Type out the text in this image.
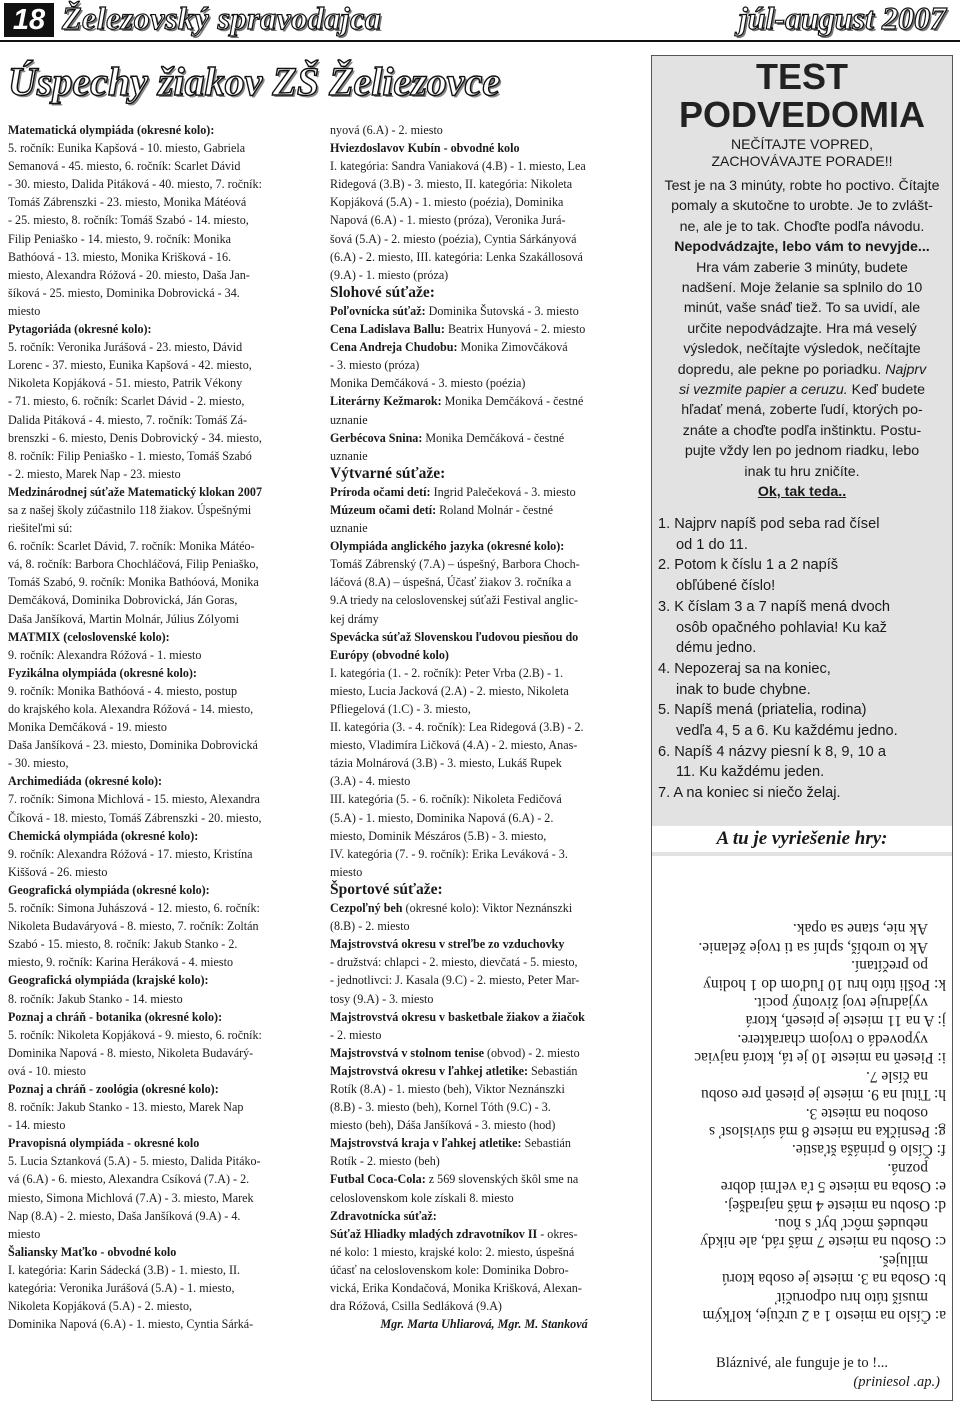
18 Železovský spravodajca	júl-august 2007
Úspechy žiakov ZŠ Želiezovce
Matematická olympiáda (okresné kolo):
5. ročník: Eunika Kapšová - 10. miesto, Gabriela
Semanová - 45. miesto, 6. ročník: Scarlet Dávid
- 30. miesto, Dalida Pitáková - 40. miesto, 7. ročník:
Tomáš Zábrenszki - 23. miesto, Monika Mátéová
- 25. miesto, 8. ročník: Tomáš Szabó - 14. miesto,
Filip Peniaško - 14. miesto, 9. ročník: Monika
Bathóová - 13. miesto, Monika Krišková - 16.
miesto, Alexandra Róžová - 20. miesto, Daša Jan-
šíková - 25. miesto, Dominika Dobrovická - 34.
miesto
Pytagoriáda (okresné kolo):
5. ročník: Veronika Jurášová - 23. miesto, Dávid
Lorenc - 37. miesto, Eunika Kapšová - 42. miesto,
Nikoleta Kopjáková - 51. miesto, Patrik Vékony
- 71. miesto, 6. ročník: Scarlet Dávid - 2. miesto,
Dalida Pitáková - 4. miesto, 7. ročník: Tomáš Zá-
brenszki - 6. miesto, Denis Dobrovický - 34. miesto,
8. ročník: Filip Peniaško - 1. miesto, Tomáš Szabó
- 2. miesto, Marek Nap - 23. miesto
Medzinárodnej súťaže Matematický klokan 2007
sa z našej školy zúčastnilo 118 žiakov. Úspešnými
riešiteľmi sú:
6. ročník: Scarlet Dávid, 7. ročník: Monika Mátéo-
vá, 8. ročník: Barbora Chochláčová, Filip Peniaško,
Tomáš Szabó, 9. ročník: Monika Bathóová, Monika
Demčáková, Dominika Dobrovická, Ján Goras,
Daša Janšíková, Martin Molnár, Július Zólyomi
MATMIX (celoslovenské kolo):
9. ročník: Alexandra Róžová - 1. miesto
Fyzikálna olympiáda (okresné kolo):
9. ročník: Monika Bathóová - 4. miesto, postup
do krajského kola. Alexandra Róžová - 14. miesto,
Monika Demčáková - 19. miesto
Daša Janšíková - 23. miesto, Dominika Dobrovická
- 30. miesto,
Archimediáda (okresné kolo):
7. ročník: Simona Michlová - 15. miesto, Alexandra
Číková - 18. miesto, Tomáš Zábrenszki - 20. miesto,
Chemická olympiáda (okresné kolo):
9. ročník: Alexandra Róžová - 17. miesto, Kristína
Kiššová - 26. miesto
Geografická olympiáda (okresné kolo):
5. ročník: Simona Juhászová - 12. miesto, 6. ročník:
Nikoleta Budaváryová - 8. miesto, 7. ročník: Zoltán
Szabó - 15. miesto, 8. ročník: Jakub Stanko - 2.
miesto, 9. ročník: Karina Heráková - 4. miesto
Geografická olympiáda (krajské kolo):
8. ročník: Jakub Stanko - 14. miesto
Poznaj a chráň - botanika (okresné kolo):
5. ročník: Nikoleta Kopjáková - 9. miesto, 6. ročník:
Dominika Napová - 8. miesto, Nikoleta Budavárý-
ová - 10. miesto
Poznaj a chráň - zoológia (okresné kolo):
8. ročník: Jakub Stanko - 13. miesto, Marek Nap
- 14. miesto
Pravopisná olympiáda - okresné kolo
5. Lucia Sztanková (5.A) - 5. miesto, Dalida Pitáko-
vá (6.A) - 6. miesto, Alexandra Csíková (7.A) - 2.
miesto, Simona Michlová (7.A) - 3. miesto, Marek
Nap (8.A) - 2. miesto, Daša Janšíková (9.A) - 4.
miesto
Šaliansky Maťko - obvodné kolo
I. kategória: Karin Sádecká (3.B) - 1. miesto, II.
kategória: Veronika Jurášová (5.A) - 1. miesto,
Nikoleta Kopjáková (5.A) - 2. miesto,
Dominika Napová (6.A) - 1. miesto, Cyntia Sárká-
nyová (6.A) - 2. miesto
Hviezdoslavov Kubín - obvodné kolo
I. kategória: Sandra Vaniaková (4.B) - 1. miesto, Lea
Ridegová (3.B) - 3. miesto, II. kategória: Nikoleta
Kopjáková (5.A) - 1. miesto (poézia), Dominika
Napová (6.A) - 1. miesto (próza), Veronika Jurá-
šová (5.A) - 2. miesto (poézia), Cyntia Sárkányová
(6.A) - 2. miesto, III. kategória: Lenka Szakállosová
(9.A) - 1. miesto (próza)
Slohové súťaže:
Poľovnícka súťaž: Dominika Šutovská - 3. miesto
Cena Ladislava Ballu: Beatrix Hunyová - 2. miesto
Cena Andreja Chudobu: Monika Zimovčáková
- 3. miesto (próza)
Monika Demčáková - 3. miesto (poézia)
Literárny Kežmarok: Monika Demčáková - čestné
uznanie
Gerbécova Snina: Monika Demčáková - čestné
uznanie
Výtvarné súťaže:
Príroda očami detí: Ingrid Palečeková - 3. miesto
Múzeum očami detí: Roland Molnár - čestné
uznanie
Olympiáda anglického jazyka (okresné kolo):
Tomáš Zábrenský (7.A) – úspešný, Barbora Choch-
láčová (8.A) – úspešná, Účasť žiakov 3. ročníka a
9.A triedy na celoslovenskej súťaži Festival anglic-
kej drámy
Spevácka súťaž Slovenskou ľudovou piesňou do
Európy (obvodné kolo)
I. kategória (1. - 2. ročník): Peter Vrba (2.B) - 1.
miesto, Lucia Jacková (2.A) - 2. miesto, Nikoleta
Pfliegelová (1.C) - 3. miesto,
II. kategória (3. - 4. ročník): Lea Ridegová (3.B) - 2.
miesto, Vladimíra Ličková (4.A) - 2. miesto, Anas-
tázia Molnárová (3.B) - 3. miesto, Lukáš Rupek
(3.A) - 4. miesto
III. kategória (5. - 6. ročník): Nikoleta Fedičová
(5.A) - 1. miesto, Dominika Napová (6.A) - 2.
miesto, Dominik Mészáros (5.B) - 3. miesto,
IV. kategória (7. - 9. ročník): Erika Leváková - 3.
miesto
Športové súťaže:
Cezpoľný beh (okresné kolo): Viktor Neznánszki
(8.B) - 2. miesto
Majstrovstvá okresu v streľbe zo vzduchovky
- družstvá: chlapci - 2. miesto, dievčatá - 5. miesto,
- jednotlivci: J. Kasala (9.C) - 2. miesto, Peter Mar-
tosy (9.A) - 3. miesto
Majstrovstvá okresu v basketbale žiakov a žiačok
- 2. miesto
Majstrovstvá v stolnom tenise (obvod) - 2. miesto
Majstrovstvá okresu v ľahkej atletike: Sebastián
Rotík (8.A) - 1. miesto (beh), Viktor Neznánszki
(8.B) - 3. miesto (beh), Kornel Tóth (9.C) - 3.
miesto (beh), Dáša Janšíková - 3. miesto (hod)
Majstrovstvá kraja v ľahkej atletike: Sebastián
Rotík - 2. miesto (beh)
Futbal Coca-Cola: z 569 slovenských škôl sme na
celoslovenskom kole získali 8. miesto
Zdravotnícka súťaž:
Súťaž Hliadky mladých zdravotníkov II - okres-
né kolo: 1 miesto, krajské kolo: 2. miesto, úspešná
účasť na celoslovenskom kole: Dominika Dobro-
vická, Erika Kondačová, Monika Krišková, Alexan-
dra Róžová, Csilla Sedláková (9.A)
Mgr. Marta Uhliarová, Mgr. M. Stanková
TEST
PODVEDOMIA
NEČÍTAJTE VOPRED,
ZACHOVÁVAJTE PORADE!!
Test je na 3 minúty, robte ho poctivo. Čítajte
pomaly a skutočne to urobte. Je to zvlášt-
ne, ale je to tak. Choďte podľa návodu.
Nepodvádzajte, lebo vám to nevyjde...
Hra vám zaberie 3 minúty, budete
nadšení. Moje želanie sa splnilo do 10
minút, vaše snáď tiež. To sa uvidí, ale
určite nepodvádzajte. Hra má veselý
výsledok, nečítajte výsledok, nečítajte
dopredu, ale pekne po poriadku. Najprv
si vezmite papier a ceruzu. Keď budete
hľadať mená, zoberte ľudí, ktorých po-
znáte a choďte podľa inštinktu. Postu-
pujte vždy len po jednom riadku, lebo
inak tu hru zničíte.
Ok, tak teda..
1. Najprv napíš pod seba rad čísel
od 1 do 11.
2. Potom k číslu 1 a 2 napíš
obľúbené číslo!
3. K číslam 3 a 7 napíš mená dvoch
osôb opačného pohlavia! Ku kaž
dému jedno.
4. Nepozeraj sa na koniec,
inak to bude chybne.
5. Napíš mená (priatelia, rodina)
vedľa 4, 5 a 6. Ku každému jedno.
6. Napíš 4 názvy piesní k 8, 9, 10 a
11. Ku každému jeden.
7. A na koniec si niečo želaj.
A tu je vyriešenie hry:
a: Číslo na miesto 1 a 2 určuje, koľkým
musíš túto hru odporučiť
b: Osoba na 3. mieste je osoba ktorú
miluješ.
c: Osobu na mieste 7 máš rád, ale nikdy
nebudeš môcť byť s ňou.
d: Osobu na mieste 4 máš najradšej.
e: Osoba na mieste 5 ťa veľmi dobre
pozná.
f: Číslo 6 prináša šťastie.
g: Pesnička na mieste 8 má súvislosť s
osobou na mieste 3.
h: Titul na 9. mieste je pieseň pre osobu
na čísle 7.
i: Pieseň na mieste 10 je tá, ktorá najviac
vypovedá o tvojom charaktere.
j: A na 11 mieste je pieseň, ktorá
vyjadruje tvoj životný pocit.
k: Pošli túto hru 10 ľuďom do 1 hodiny
po prečítaní.
Ak to urobíš, splní sa ti tvoje želanie.
Ak nie, stane sa opak.
Bláznivé, ale funguje je to !...
(priniesol .ap.)
